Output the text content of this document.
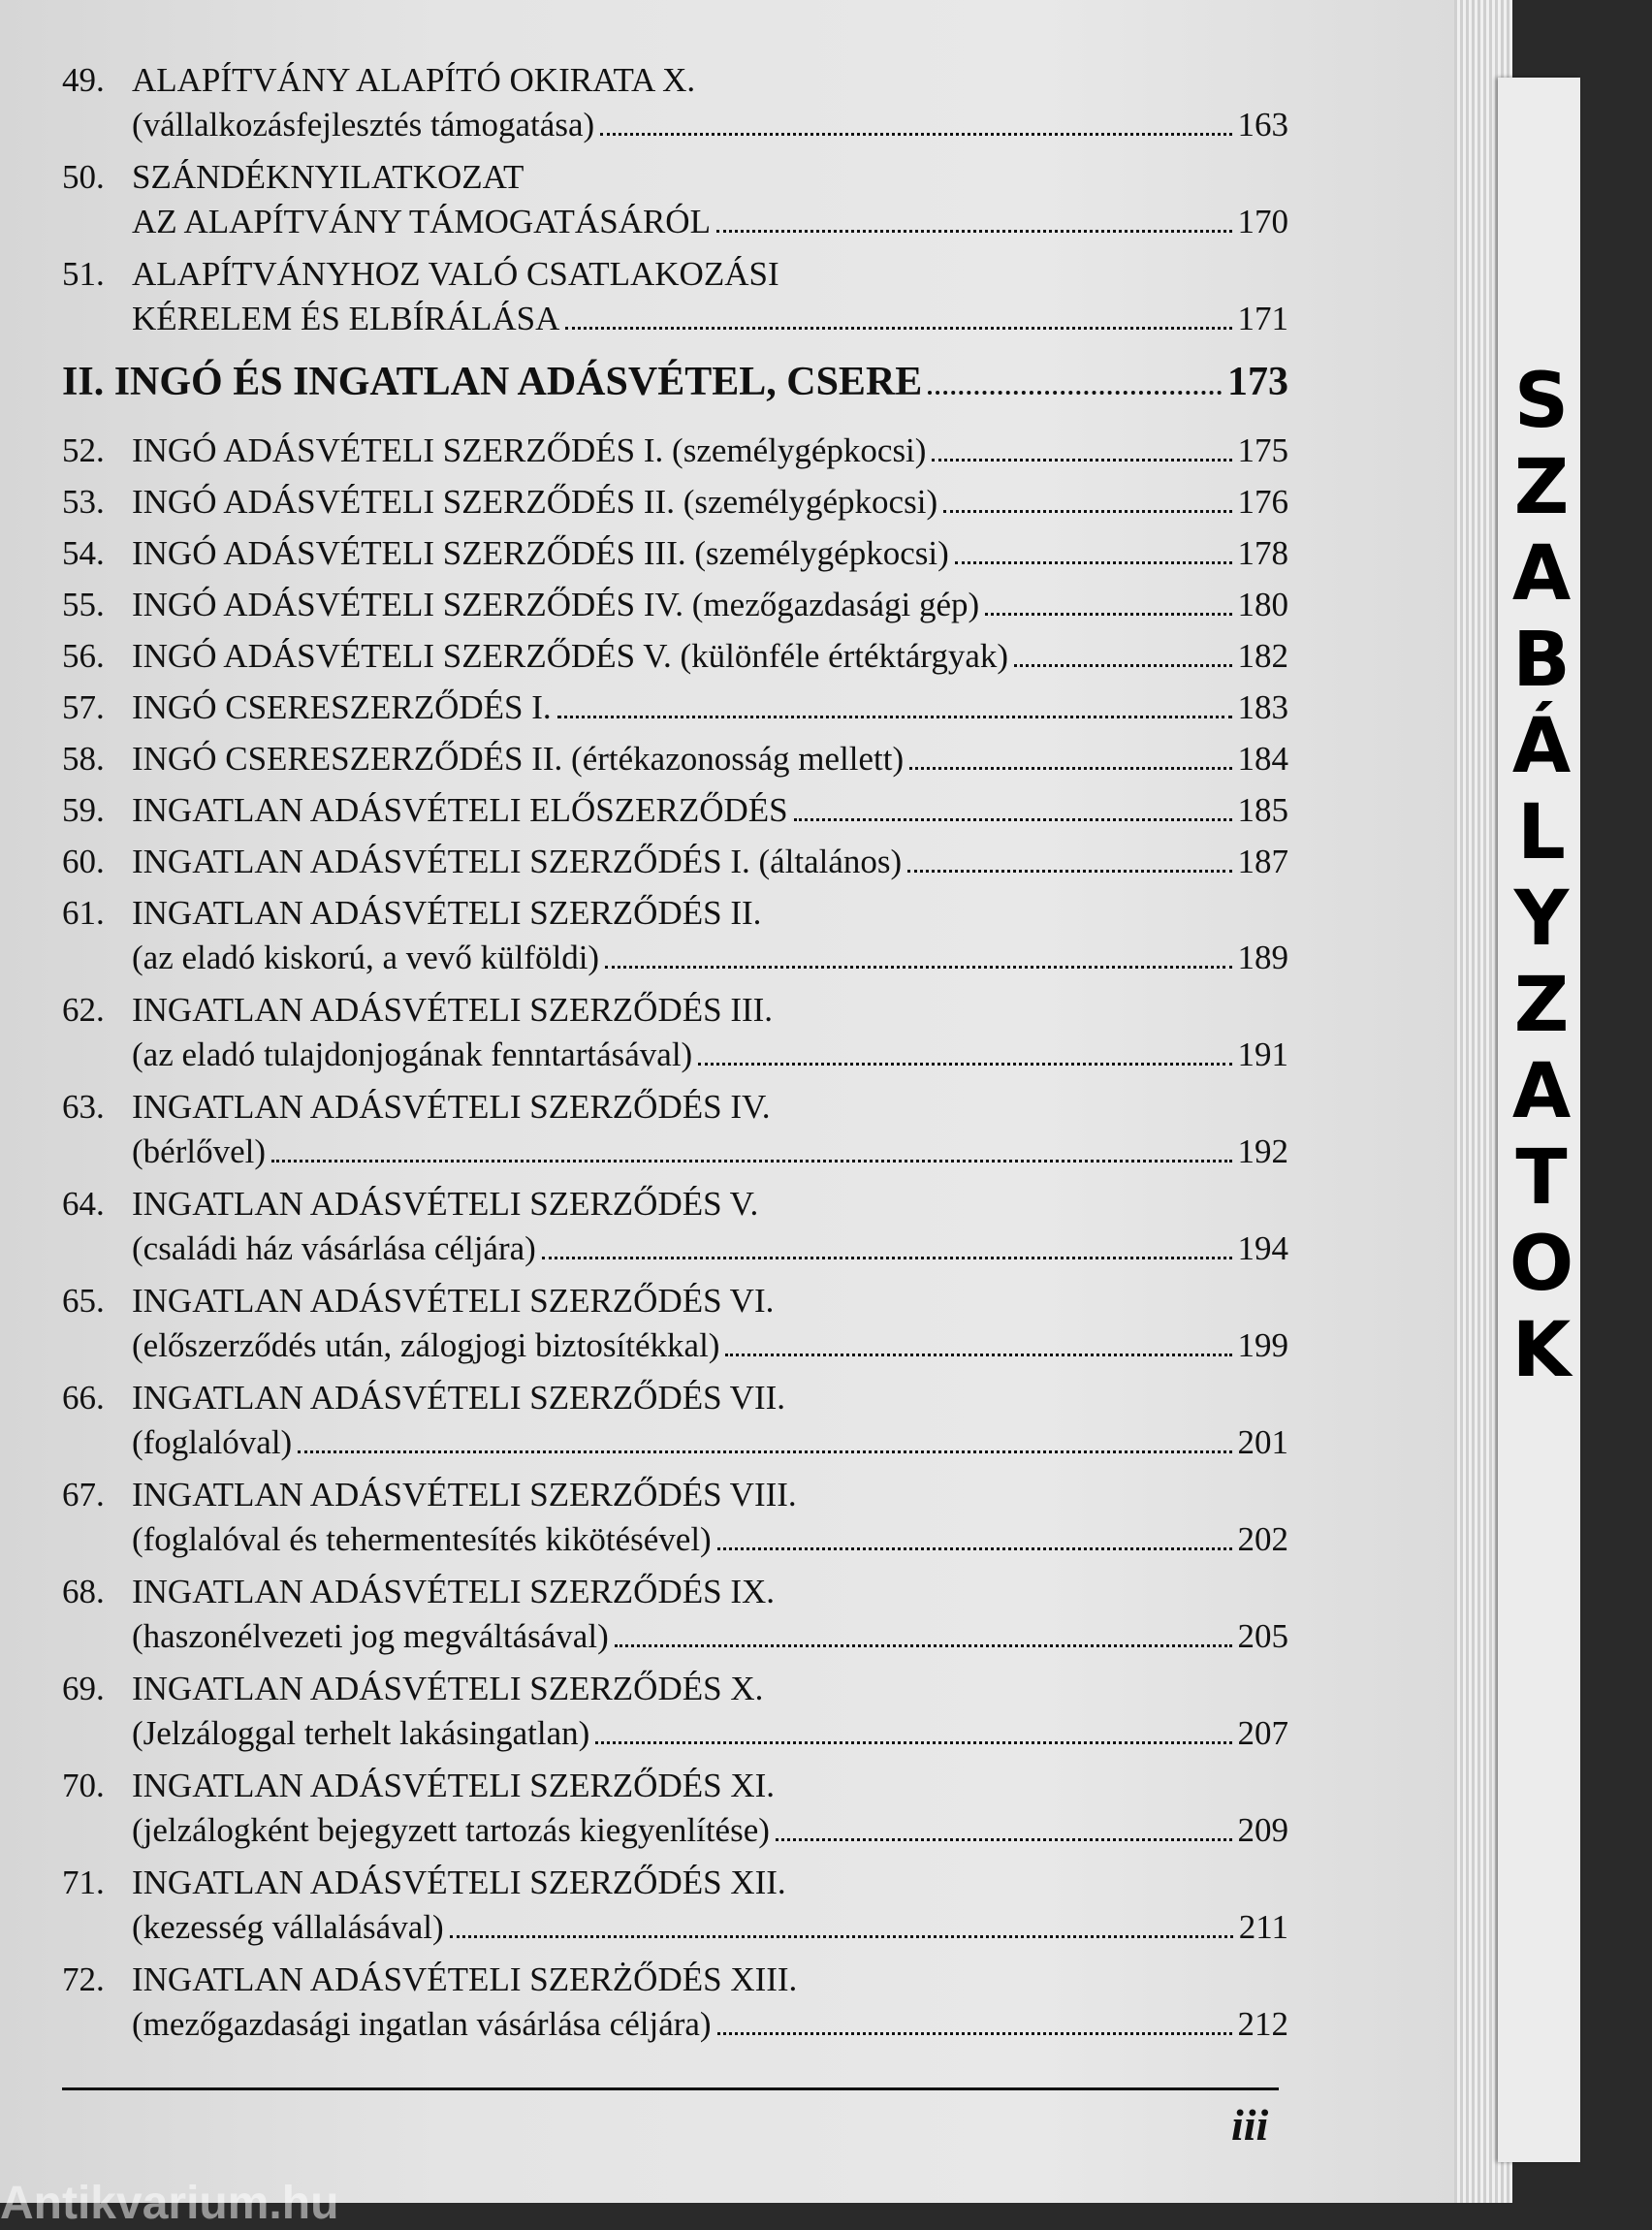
S
Z
A
B
Á
L
Y
Z
A
T
O
K
49. ALAPÍTVÁNY ALAPÍTÓ OKIRATA X.
(vállalkozásfejlesztés támogatása)	163
50. SZÁNDÉKNYILATKOZAT
AZ ALAPÍTVÁNY TÁMOGATÁSÁRÓL	170
51. ALAPÍTVÁNYHOZ VALÓ CSATLAKOZÁSI
KÉRELEM ÉS ELBÍRÁLÁSA	171
II. INGÓ ÉS INGATLAN ADÁSVÉTEL, CSERE	173
52. INGÓ ADÁSVÉTELI SZERZŐDÉS I. (személygépkocsi)	175
53. INGÓ ADÁSVÉTELI SZERZŐDÉS II. (személygépkocsi)	176
54. INGÓ ADÁSVÉTELI SZERZŐDÉS III. (személygépkocsi)	178
55. INGÓ ADÁSVÉTELI SZERZŐDÉS IV. (mezőgazdasági gép)	180
56. INGÓ ADÁSVÉTELI SZERZŐDÉS V. (különféle értéktárgyak)	182
57. INGÓ CSERESZERZŐDÉS I.	183
58. INGÓ CSERESZERZŐDÉS II. (értékazonosság mellett)	184
59. INGATLAN ADÁSVÉTELI ELŐSZERZŐDÉS	185
60. INGATLAN ADÁSVÉTELI SZERZŐDÉS I. (általános)	187
61. INGATLAN ADÁSVÉTELI SZERZŐDÉS II.
(az eladó kiskorú, a vevő külföldi)	189
62. INGATLAN ADÁSVÉTELI SZERZŐDÉS III.
(az eladó tulajdonjogának fenntartásával)	191
63. INGATLAN ADÁSVÉTELI SZERZŐDÉS IV.
(bérlővel)	192
64. INGATLAN ADÁSVÉTELI SZERZŐDÉS V.
(családi ház vásárlása céljára)	194
65. INGATLAN ADÁSVÉTELI SZERZŐDÉS VI.
(előszerződés után, zálogjogi biztosítékkal)	199
66. INGATLAN ADÁSVÉTELI SZERZŐDÉS VII.
(foglalóval)	201
67. INGATLAN ADÁSVÉTELI SZERZŐDÉS VIII.
(foglalóval és tehermentesítés kikötésével)	202
68. INGATLAN ADÁSVÉTELI SZERZŐDÉS IX.
(haszonélvezeti jog megváltásával)	205
69. INGATLAN ADÁSVÉTELI SZERZŐDÉS X.
(Jelzáloggal terhelt lakásingatlan)	207
70. INGATLAN ADÁSVÉTELI SZERZŐDÉS XI.
(jelzálogként bejegyzett tartozás kiegyenlítése)	209
71. INGATLAN ADÁSVÉTELI SZERZŐDÉS XII.
(kezesség vállalásával)	211
72. INGATLAN ADÁSVÉTELI SZERŻŐDÉS XIII.
(mezőgazdasági ingatlan vásárlása céljára)	212
iii
Antikvarium.hu
